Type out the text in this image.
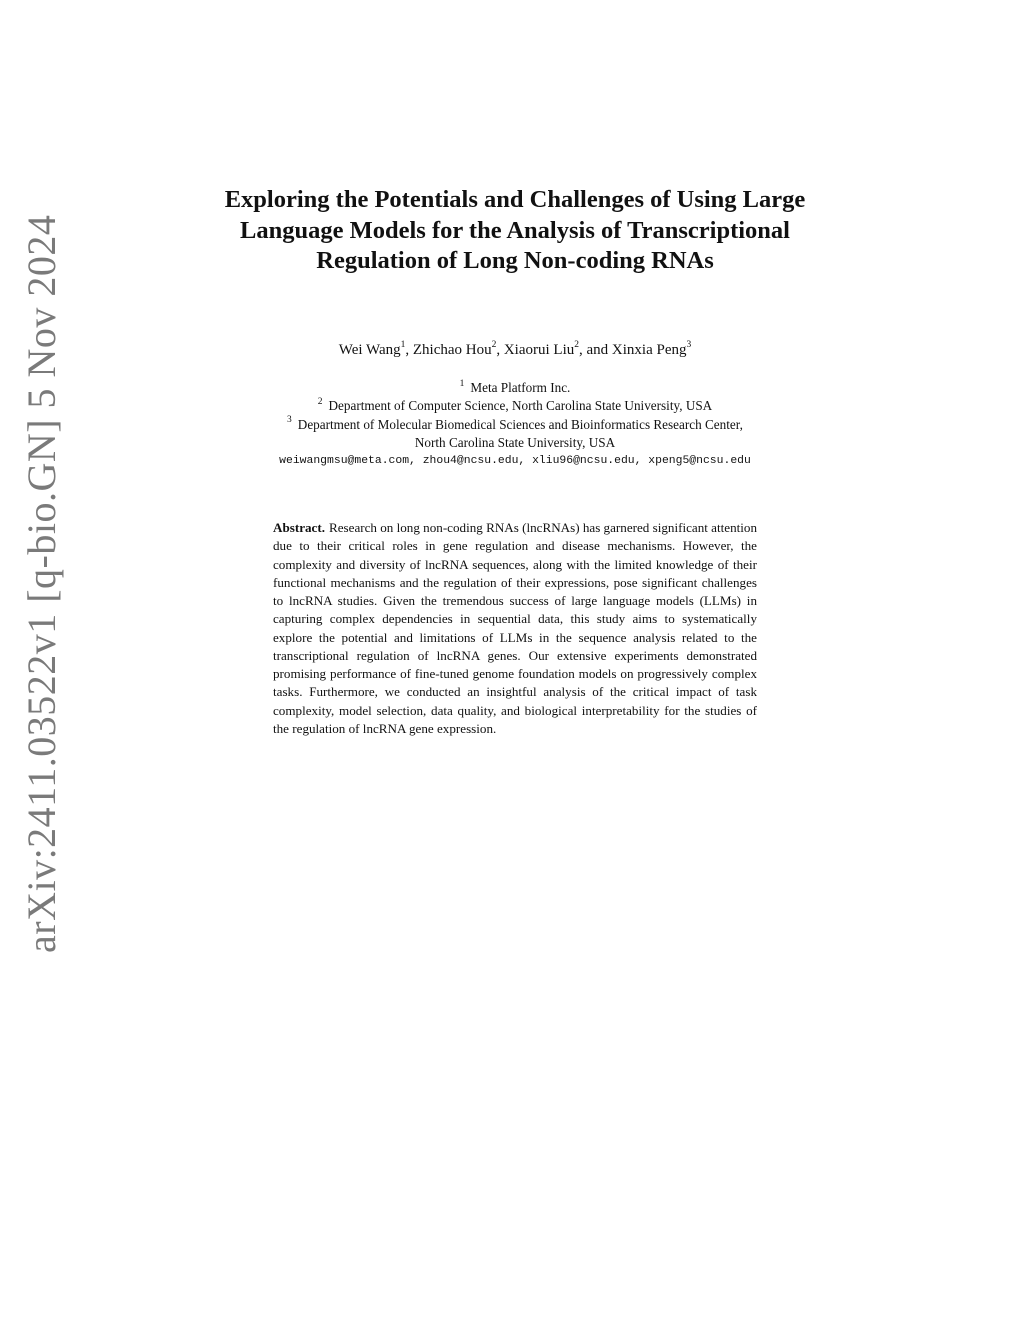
arXiv:2411.03522v1 [q-bio.GN] 5 Nov 2024
Exploring the Potentials and Challenges of Using Large Language Models for the Analysis of Transcriptional Regulation of Long Non-coding RNAs
Wei Wang$^1$, Zhichao Hou$^2$, Xiaorui Liu$^2$, and Xinxia Peng$^3$
$^1$ Meta Platform Inc.
$^2$ Department of Computer Science, North Carolina State University, USA
$^3$ Department of Molecular Biomedical Sciences and Bioinformatics Research Center,
North Carolina State University, USA
weiwangmsu@meta.com, zhou4@ncsu.edu, xliu96@ncsu.edu, xpeng5@ncsu.edu

Abstract. Research on long non-coding RNAs (lncRNAs) has garnered significant attention due to their critical roles in gene regulation and disease mechanisms. However, the complexity and diversity of lncRNA sequences, along with the limited knowledge of their functional mechanisms and the regulation of their expressions, pose significant challenges to lncRNA studies. Given the tremendous success of large language models (LLMs) in capturing complex dependencies in sequential data, this study aims to systematically explore the potential and limitations of LLMs in the sequence analysis related to the transcriptional regulation of lncRNA genes. Our extensive experiments demonstrated promising performance of fine-tuned genome foundation models on progressively complex tasks. Furthermore, we conducted an insightful analysis of the critical impact of task complexity, model selection, data quality, and biological interpretability for the studies of the regulation of lncRNA gene expression.
